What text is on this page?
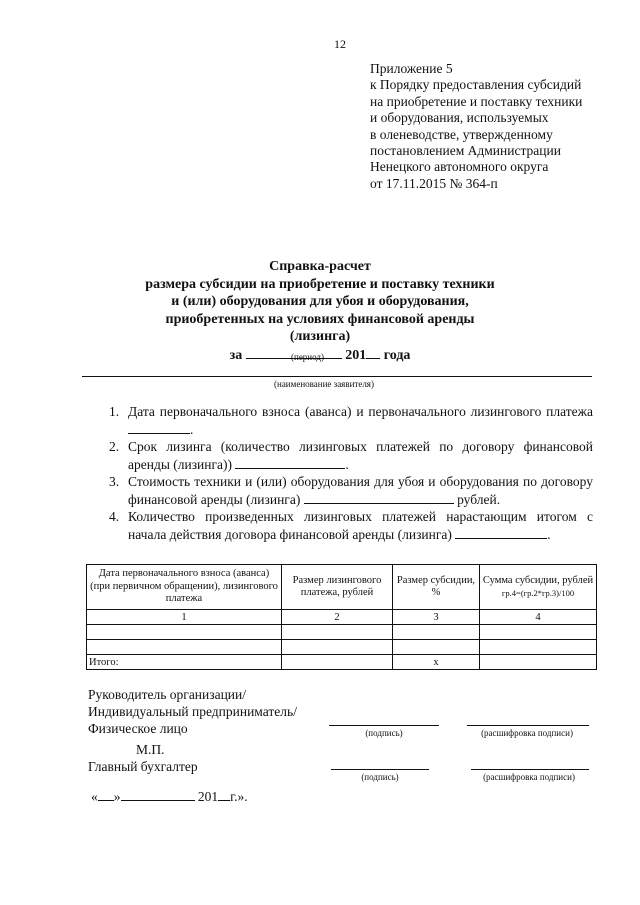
12
Приложение 5
к Порядку предоставления субсидий
на приобретение и поставку техники
и оборудования, используемых
в оленеводстве, утвержденному
постановлением Администрации
Ненецкого автономного округа
от 17.11.2015 № 364-п
Справка-расчет
размера субсидии на приобретение и поставку техники
и (или) оборудования для убоя и оборудования,
приобретенных на условиях финансовой аренды
(лизинга)
за	201 года
(период)
(наименование заявителя)
1. Дата первоначального взноса (аванса) и первоначального лизингового платежа .
2. Срок лизинга (количество лизинговых платежей по договору финансовой аренды (лизинга))	.
3. Стоимость техники и (или) оборудования для убоя и оборудования по договору финансовой аренды (лизинга)	рублей.
4. Количество произведенных лизинговых платежей нарастающим итогом с начала действия договора финансовой аренды (лизинга)	.
Дата первоначального взноса (аванса) (при первичном обращении), лизингового платежа	Размер лизингового платежа, рублей	Размер субсидии, %	Сумма субсидии, рублей
гр.4=(гр.2*гр.3)/100

1	2	3	4

Итого:		x	
Руководитель организации/
Индивидуальный предприниматель/
Физическое лицо	(подпись)	(расшифровка подписи)
М.П.
Главный бухгалтер
(подпись)	(расшифровка подписи)
« »	201 г.».
